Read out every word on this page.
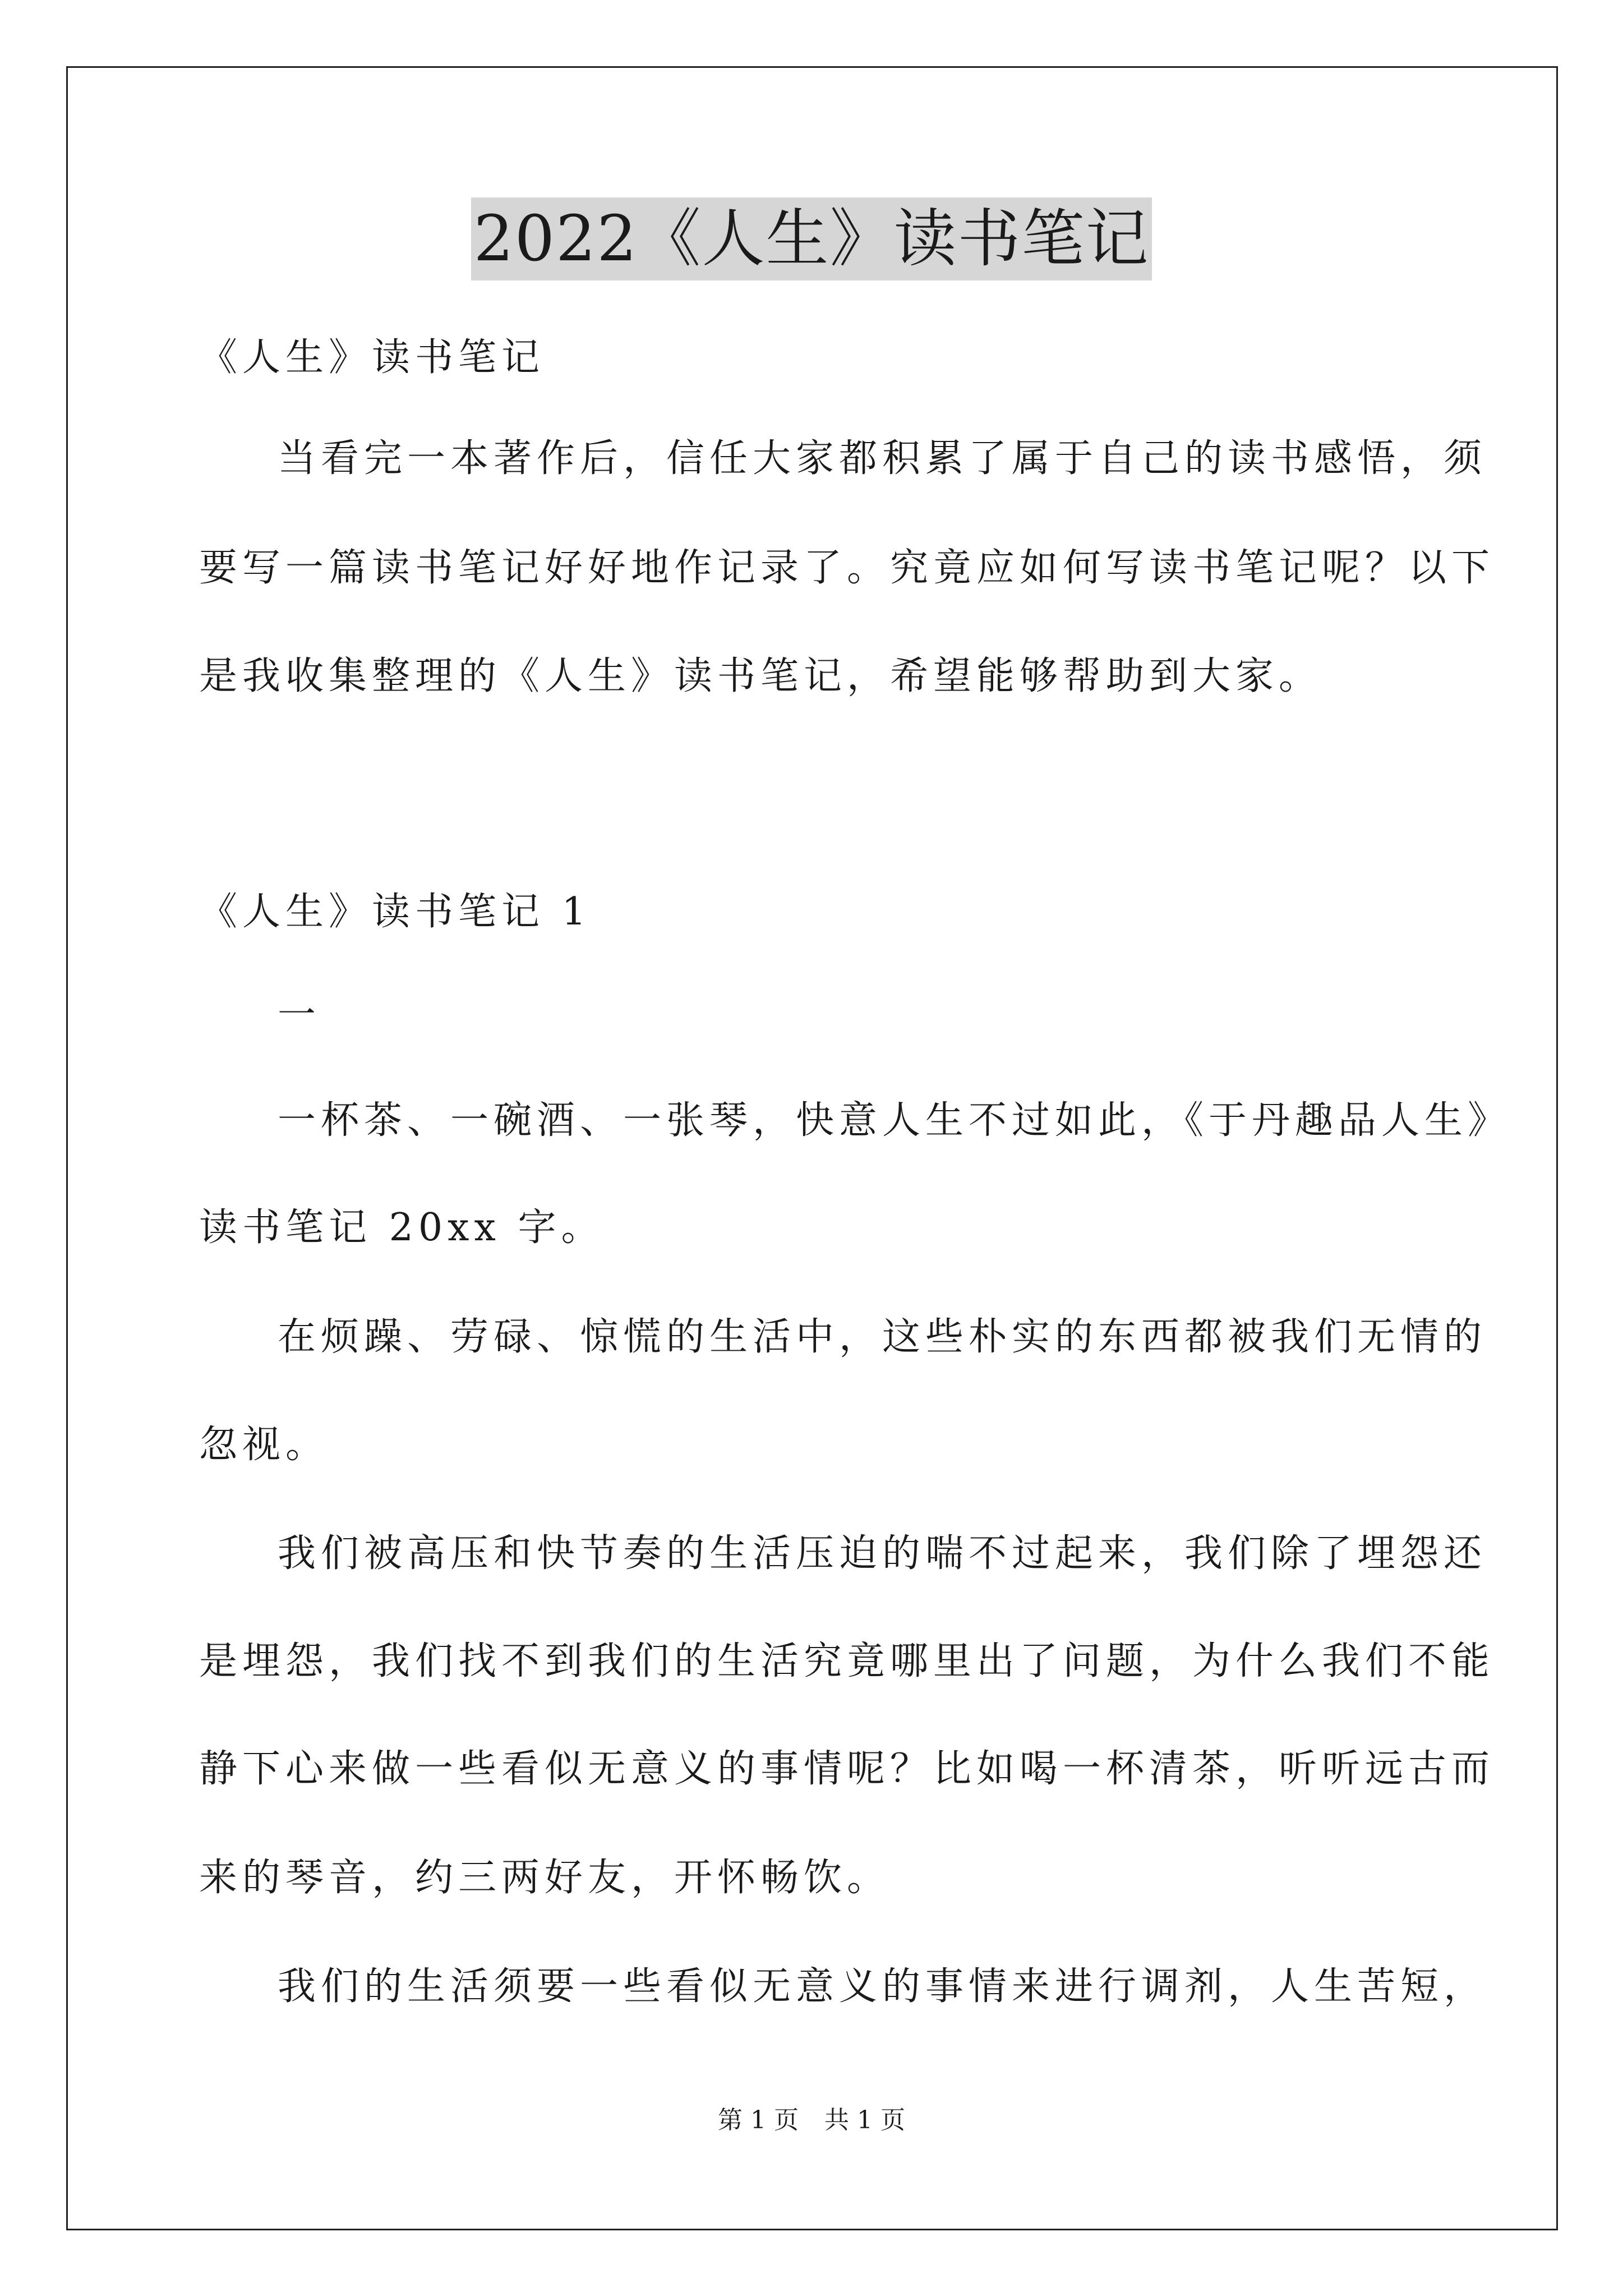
2022《人生》读书笔记
《人生》读书笔记
当看完一本著作后，信任大家都积累了属于自己的读书感悟，须
要写一篇读书笔记好好地作记录了。究竟应如何写读书笔记呢？以下
是我收集整理的《人生》读书笔记，希望能够帮助到大家。
《人生》读书笔记 1
一
一杯茶、一碗酒、一张琴，快意人生不过如此，《于丹趣品人生》
读书笔记 20xx 字。
在烦躁、劳碌、惊慌的生活中，这些朴实的东西都被我们无情的
忽视。
我们被高压和快节奏的生活压迫的喘不过起来，我们除了埋怨还
是埋怨，我们找不到我们的生活究竟哪里出了问题，为什么我们不能
静下心来做一些看似无意义的事情呢？比如喝一杯清茶，听听远古而
来的琴音，约三两好友，开怀畅饮。
我们的生活须要一些看似无意义的事情来进行调剂，人生苦短，
第 1 页 共 1 页
